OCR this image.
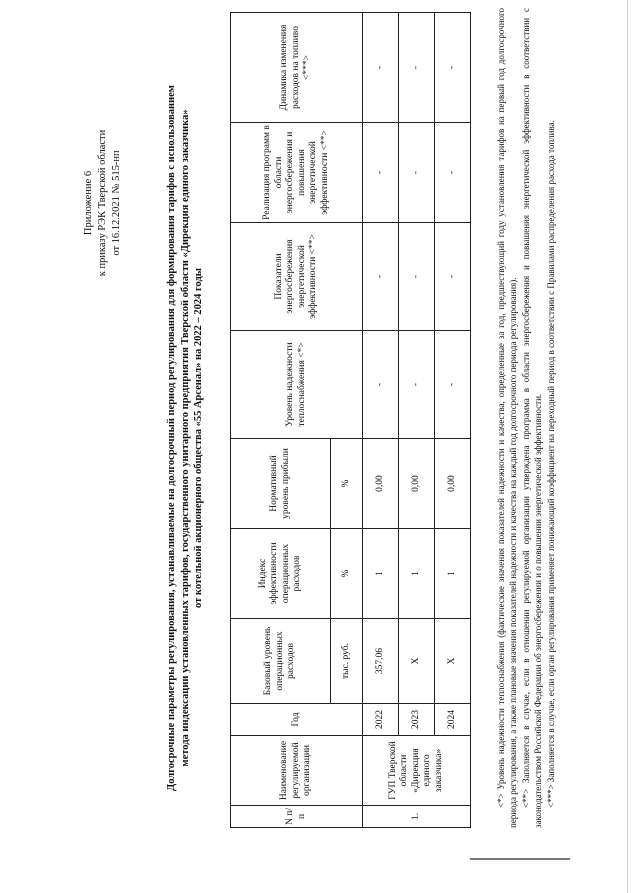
Приложение 6 к приказу РЭК Тверской области от 16.12.2021 № 515-нп	Долгосрочные параметры регулирования, устанавливаемые на долгосрочный период регулирования для формирования тарифов с использованием метода индексации установленных тарифов, государственного унитарного предприятия Тверской области «Дирекция единого заказчика» от котельной акционерного общества «55 Арсенал» на 2022 – 2024 годы
N п/п	Наименование регулируемой организации	Год	Базовый уровень операционных расходов	Индекс эффективности операционных расходов	Нормативный уровень прибыли	Уровень надежности теплоснабжения <*>	Показатели энергосбережения энергетической эффективности <**>	Реализация программ в области энергосбережения и повышения энергетической эффективности <**>	Динамика изменения расходов на топливо <***>
			тыс. руб.	%	%				
1.	ГУП Тверской области «Дирекция единого заказчика»	2022	357,06	1	0,00	-	-	-	-
		2023	Х	1	0,00	-	-	-	-
		2024	Х	1	0,00	-	-	-	-	<*> Уровень надежности теплоснабжения (фактические значения показателей надежности и качества, определенные за год, предшествующий году установления тарифов на первый год долгосрочного периода регулирования, а также плановые значения показателей надежности и качества на каждый год долгосрочного периода регулирования). <**> Заполняется в случае, если в отношении регулируемой организации утверждена программа в области энергосбережения и повышения энергетической эффективности в соответствии с законодательством Российской Федерации об энергосбережении и о повышении энергетической эффективности. <***> Заполняется в случае, если орган регулирования применяет понижающий коэффициент на переходный период в соответствии с Правилами распределения расхода топлива.
